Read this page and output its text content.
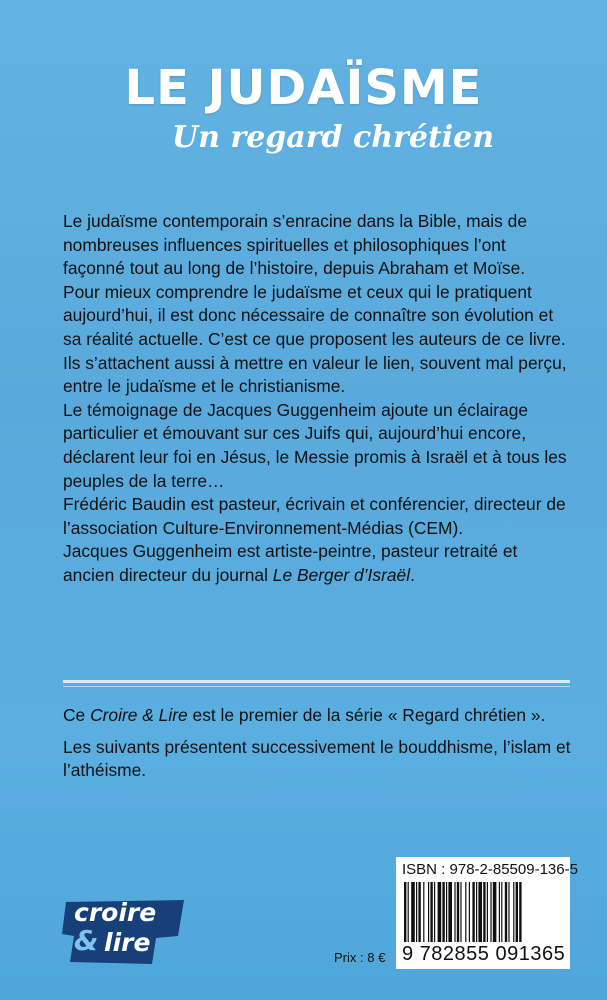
LE JUDAÏSME
Un regard chrétien

Le judaïsme contemporain s’enracine dans la Bible, mais de nombreuses influences spirituelles et philosophiques l’ont façonné tout au long de l’histoire, depuis Abraham et Moïse.

Pour mieux comprendre le judaïsme et ceux qui le pratiquent aujourd’hui, il est donc nécessaire de connaître son évolution et sa réalité actuelle. C’est ce que proposent les auteurs de ce livre. Ils s’attachent aussi à mettre en valeur le lien, souvent mal perçu, entre le judaïsme et le christianisme.

Le témoignage de Jacques Guggenheim ajoute un éclairage particulier et émouvant sur ces Juifs qui, aujourd’hui encore, déclarent leur foi en Jésus, le Messie promis à Israël et à tous les peuples de la terre…

Frédéric Baudin est pasteur, écrivain et conférencier, directeur de l’association Culture-Environnement-Médias (CEM).

Jacques Guggenheim est artiste-peintre, pasteur retraité et ancien directeur du journal Le Berger d’Israël.

Ce Croire & Lire est le premier de la série « Regard chrétien ».

Les suivants présentent successivement le bouddhisme, l’islam et l’athéisme.

croire
& lire
ISBN : 978-2-85509-136-5
9 782855 091365
Prix : 8 €
